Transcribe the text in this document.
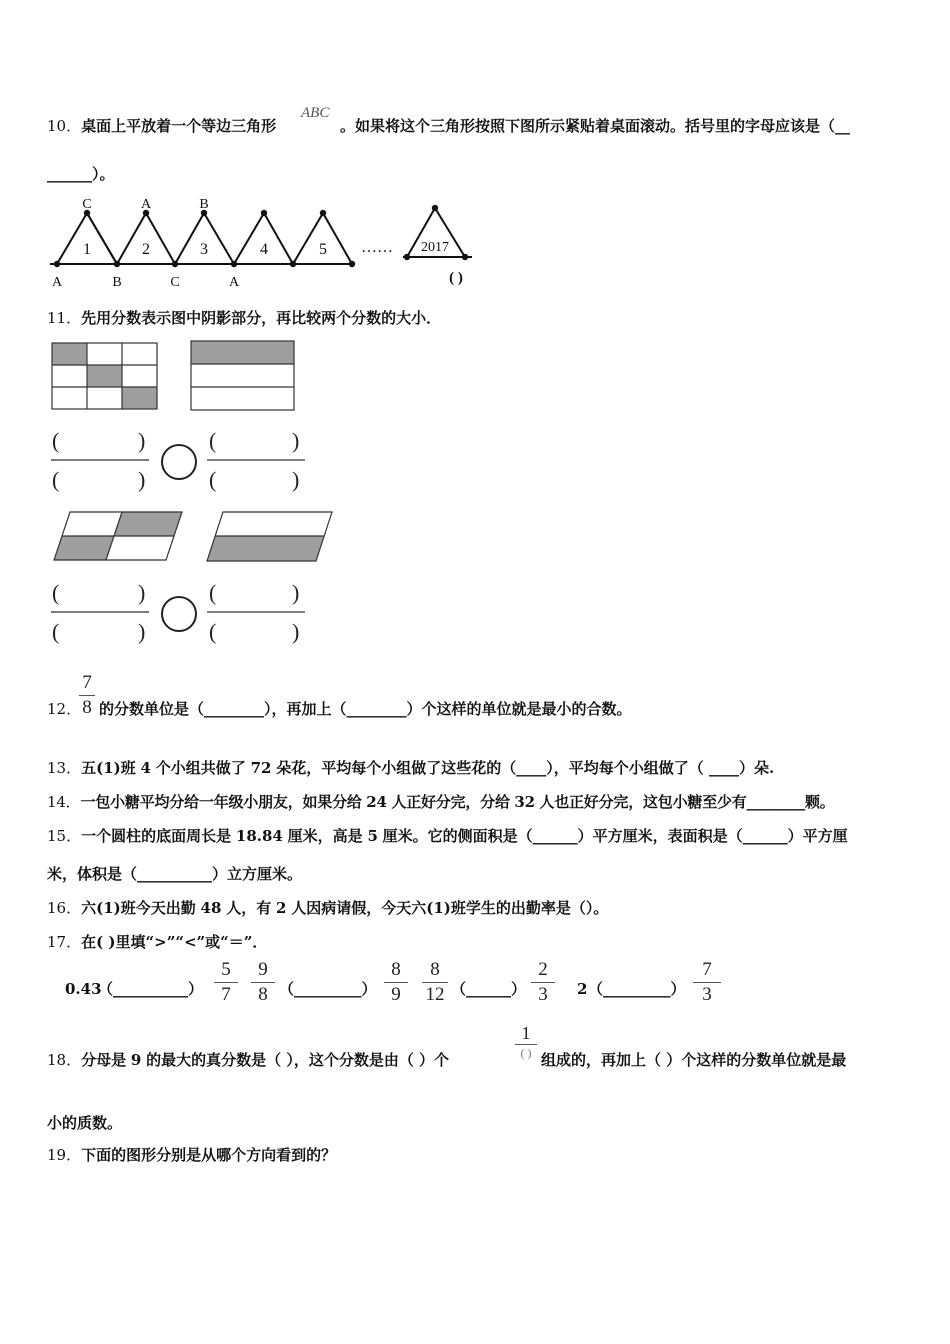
10．桌面上平放着一个等边三角形
ABC
。如果将这个三角形按照下图所示紧贴着桌面滚动。括号里的字母应该是（__
______）。
A	B	C	A
C	A	B
1	2	3	4	5 …… 2017
( )
11．先用分数表示图中阴影部分，再比较两个分数的大小．
(	)
(	)
(	)
(	)
(	)
(	)
(	)
(	)
12．
7
8 的分数单位是（________），再加上（________）个这样的单位就是最小的合数。
13．五(1)班 4 个小组共做了 72 朵花，平均每个小组做了这些花的（____），平均每个小组做了（ ____）朵.
14．一包小糖平均分给一年级小朋友，如果分给 24 人正好分完，分给 32 人也正好分完，这包小糖至少有________颗。
15．一个圆柱的底面周长是 18.84 厘米，高是 5 厘米。它的侧面积是（______）平方厘米，表面积是（______）平方厘
米，体积是（__________）立方厘米。
16．六(1)班今天出勤 48 人，有 2 人因病请假，今天六(1)班学生的出勤率是（）。
17．在( )里填“>”“<”或“＝”．
0.43
（__________）
5
7
9
8 （_________）
8
9
8
12 （______）
2
3	2 （_________）
7
3
18．分母是 9 的最大的真分数是（ ），这个分数是由（ ）个
1
( ) 组成的，再加上（ ）个这样的分数单位就是最
小的质数。
19．下面的图形分别是从哪个方向看到的？
